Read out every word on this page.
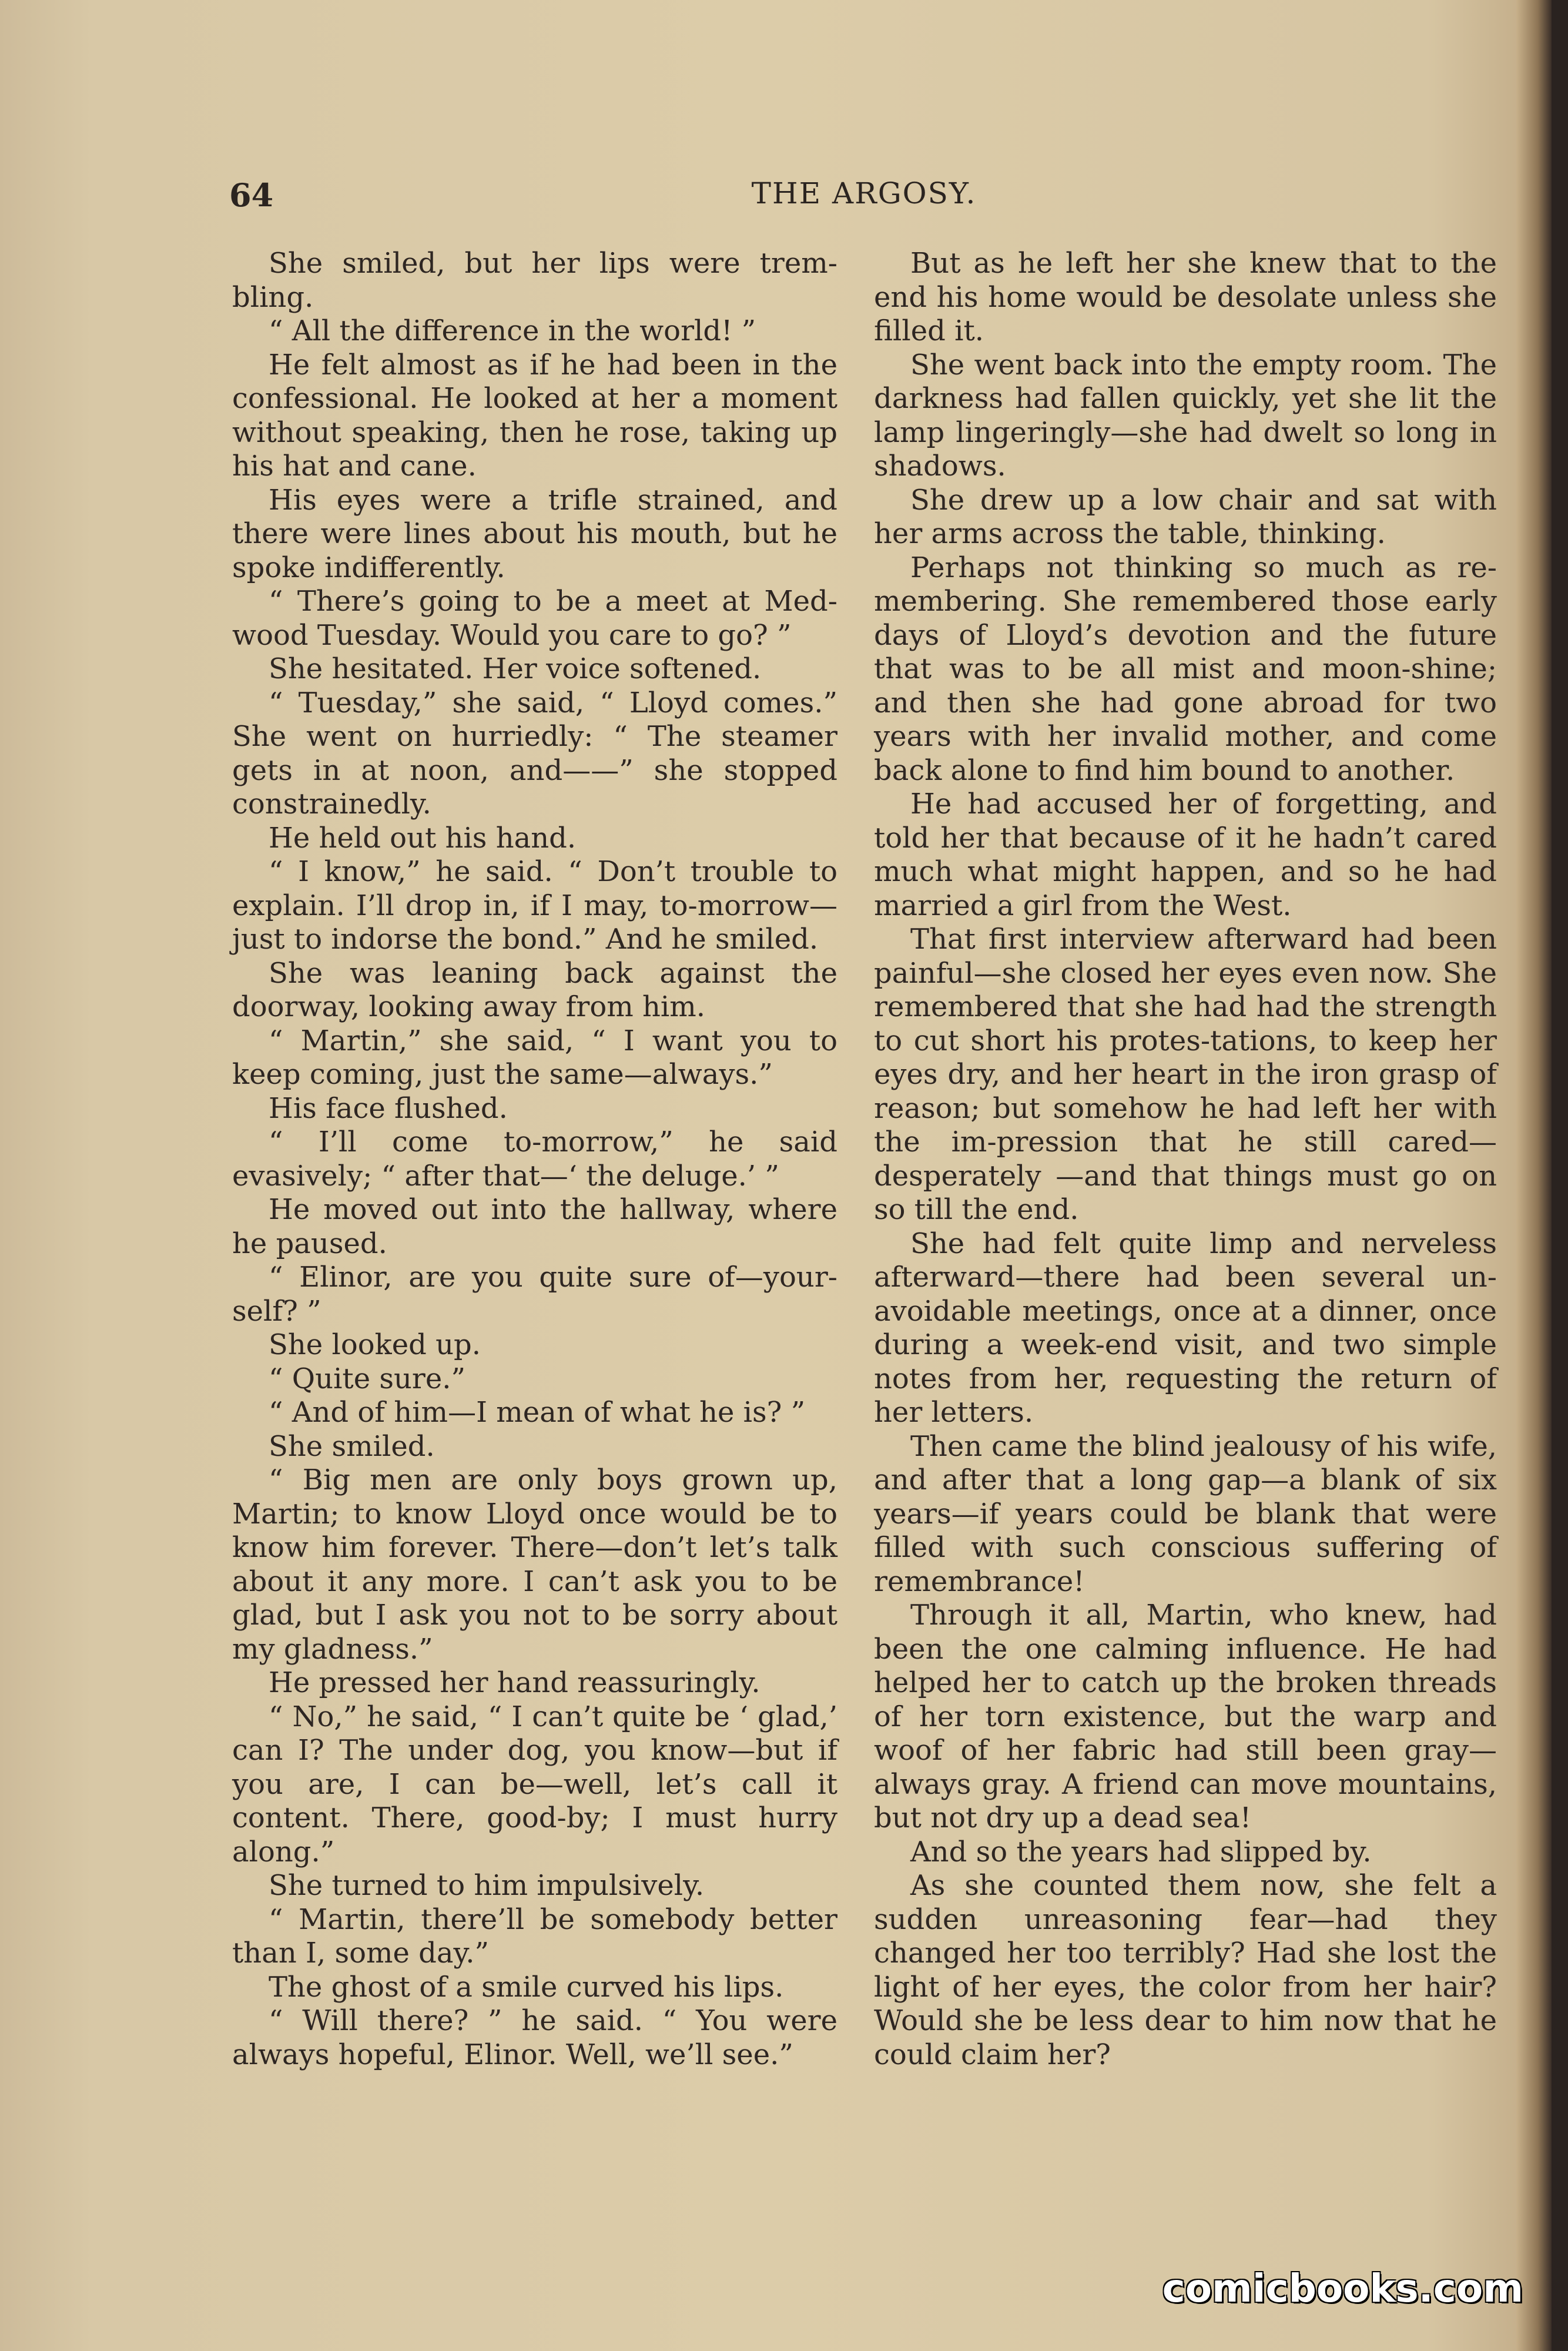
64	THE ARGOSY.

She smiled, but her lips were trem-bling.

“ All the difference in the world! ”

He felt almost as if he had been in the confessional. He looked at her a moment without speaking, then he rose, taking up his hat and cane.

His eyes were a trifle strained, and there were lines about his mouth, but he spoke indifferently.

“ There’s going to be a meet at Med-wood Tuesday. Would you care to go? ”

She hesitated. Her voice softened.

“ Tuesday,” she said, “ Lloyd comes.” She went on hurriedly: “ The steamer gets in at noon, and——” she stopped constrainedly.

He held out his hand.

“ I know,” he said. “ Don’t trouble to explain. I’ll drop in, if I may, to-morrow—just to indorse the bond.” And he smiled.

She was leaning back against the doorway, looking away from him.

“ Martin,” she said, “ I want you to keep coming, just the same—always.”

His face flushed.

“ I’ll come to-morrow,” he said evasively; “ after that—‘ the deluge.’ ”

He moved out into the hallway, where he paused.

“ Elinor, are you quite sure of—your-self? ”

She looked up.

“ Quite sure.”

“ And of him—I mean of what he is? ”

She smiled.

“ Big men are only boys grown up, Martin; to know Lloyd once would be to know him forever. There—don’t let’s talk about it any more. I can’t ask you to be glad, but I ask you not to be sorry about my gladness.”

He pressed her hand reassuringly.

“ No,” he said, “ I can’t quite be ‘ glad,’ can I? The under dog, you know—but if you are, I can be—well, let’s call it content. There, good-by; I must hurry along.”

She turned to him impulsively.

“ Martin, there’ll be somebody better than I, some day.”

The ghost of a smile curved his lips.

“ Will there? ” he said. “ You were always hopeful, Elinor. Well, we’ll see.”

But as he left her she knew that to the end his home would be desolate unless she filled it.

She went back into the empty room. The darkness had fallen quickly, yet she lit the lamp lingeringly—she had dwelt so long in shadows.

She drew up a low chair and sat with her arms across the table, thinking.

Perhaps not thinking so much as re-membering. She remembered those early days of Lloyd’s devotion and the future that was to be all mist and moon-shine; and then she had gone abroad for two years with her invalid mother, and come back alone to find him bound to another.

He had accused her of forgetting, and told her that because of it he hadn’t cared much what might happen, and so he had married a girl from the West.

That first interview afterward had been painful—she closed her eyes even now. She remembered that she had had the strength to cut short his protes-tations, to keep her eyes dry, and her heart in the iron grasp of reason; but somehow he had left her with the im-pression that he still cared—desperately —and that things must go on so till the end.

She had felt quite limp and nerveless afterward—there had been several un-avoidable meetings, once at a dinner, once during a week-end visit, and two simple notes from her, requesting the return of her letters.

Then came the blind jealousy of his wife, and after that a long gap—a blank of six years—if years could be blank that were filled with such conscious suffering of remembrance!

Through it all, Martin, who knew, had been the one calming influence. He had helped her to catch up the broken threads of her torn existence, but the warp and woof of her fabric had still been gray—always gray. A friend can move mountains, but not dry up a dead sea!

And so the years had slipped by.

As she counted them now, she felt a sudden unreasoning fear—had they changed her too terribly? Had she lost the light of her eyes, the color from her hair? Would she be less dear to him now that he could claim her?

comicbooks.com
